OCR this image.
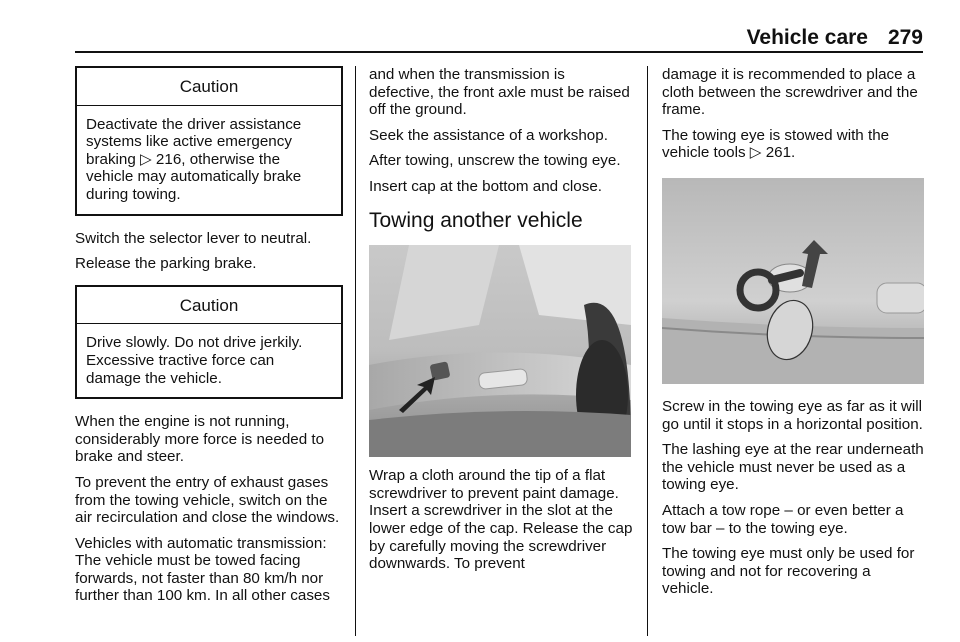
Vehicle care 279
Caution
Deactivate the driver assistance systems like active emergency braking ▷ 216, otherwise the vehicle may automatically brake during towing.

Switch the selector lever to neutral.

Release the parking brake.

Caution
Drive slowly. Do not drive jerkily. Excessive tractive force can damage the vehicle.

When the engine is not running, considerably more force is needed to brake and steer.

To prevent the entry of exhaust gases from the towing vehicle, switch on the air recirculation and close the windows.

Vehicles with automatic transmission: The vehicle must be towed facing forwards, not faster than 80 km/h nor further than 100 km. In all other cases

and when the transmission is defective, the front axle must be raised off the ground.

Seek the assistance of a workshop.

After towing, unscrew the towing eye.

Insert cap at the bottom and close.

Towing another vehicle

Wrap a cloth around the tip of a flat screwdriver to prevent paint damage. Insert a screwdriver in the slot at the lower edge of the cap. Release the cap by carefully moving the screwdriver downwards. To prevent

damage it is recommended to place a cloth between the screwdriver and the frame.

The towing eye is stowed with the vehicle tools ▷ 261.

Screw in the towing eye as far as it will go until it stops in a horizontal position.

The lashing eye at the rear underneath the vehicle must never be used as a towing eye.

Attach a tow rope – or even better a tow bar – to the towing eye.

The towing eye must only be used for towing and not for recovering a vehicle.
